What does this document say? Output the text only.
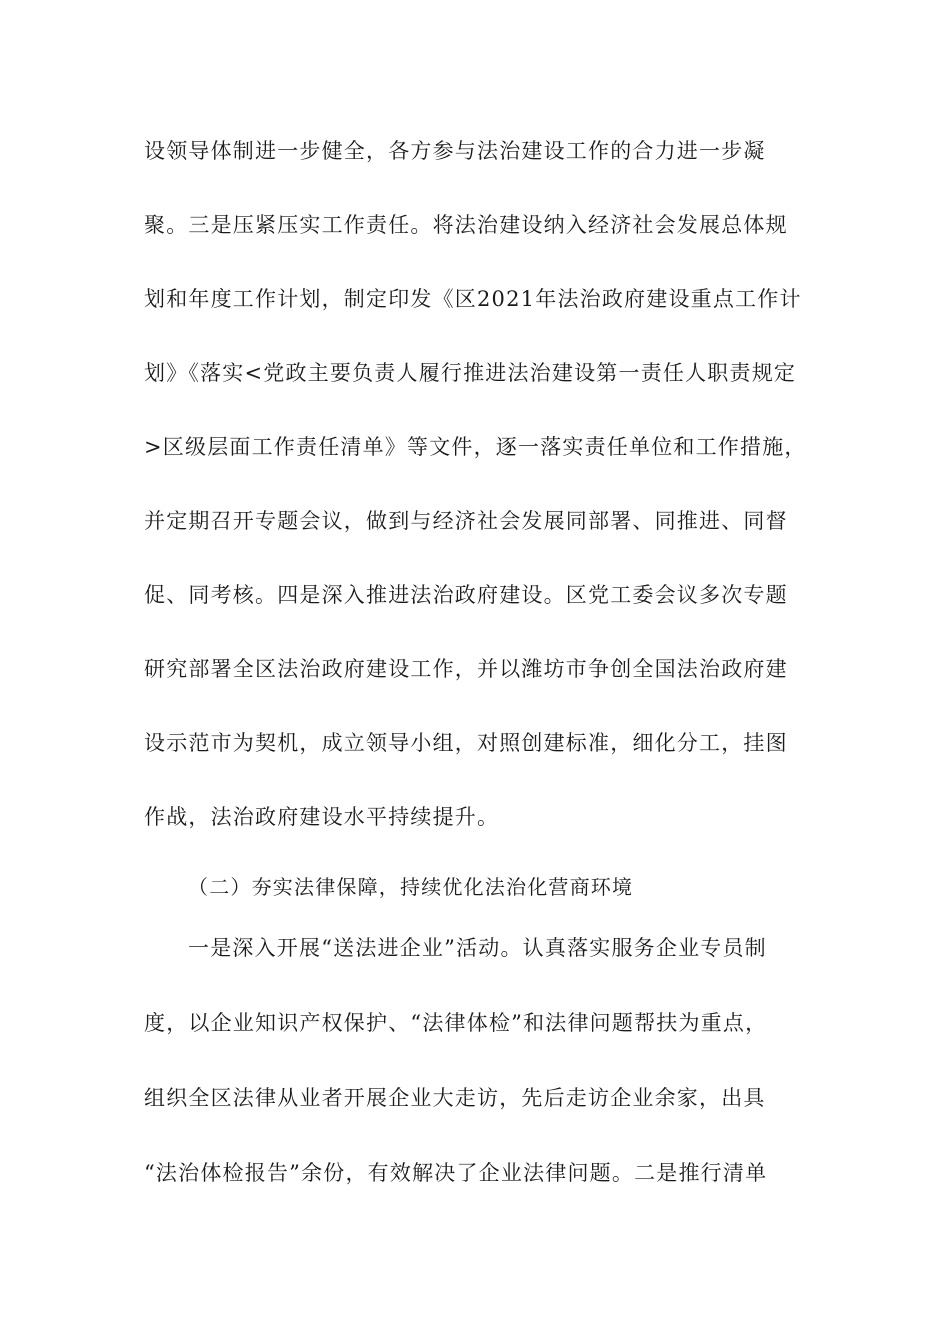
设领导体制进一步健全，各方参与法治建设工作的合力进一步凝
聚。三是压紧压实工作责任。将法治建设纳入经济社会发展总体规
划和年度工作计划，制定印发《区2021年法治政府建设重点工作计
划》《落实<党政主要负责人履行推进法治建设第一责任人职责规定
>区级层面工作责任清单》等文件，逐一落实责任单位和工作措施，
并定期召开专题会议，做到与经济社会发展同部署、同推进、同督
促、同考核。四是深入推进法治政府建设。区党工委会议多次专题
研究部署全区法治政府建设工作，并以潍坊市争创全国法治政府建
设示范市为契机，成立领导小组，对照创建标准，细化分工，挂图
作战，法治政府建设水平持续提升。
（二）夯实法律保障，持续优化法治化营商环境
一是深入开展“送法进企业”活动。认真落实服务企业专员制
度，以企业知识产权保护、“法律体检”和法律问题帮扶为重点，
组织全区法律从业者开展企业大走访，先后走访企业余家，出具
“法治体检报告”余份，有效解决了企业法律问题。二是推行清单
